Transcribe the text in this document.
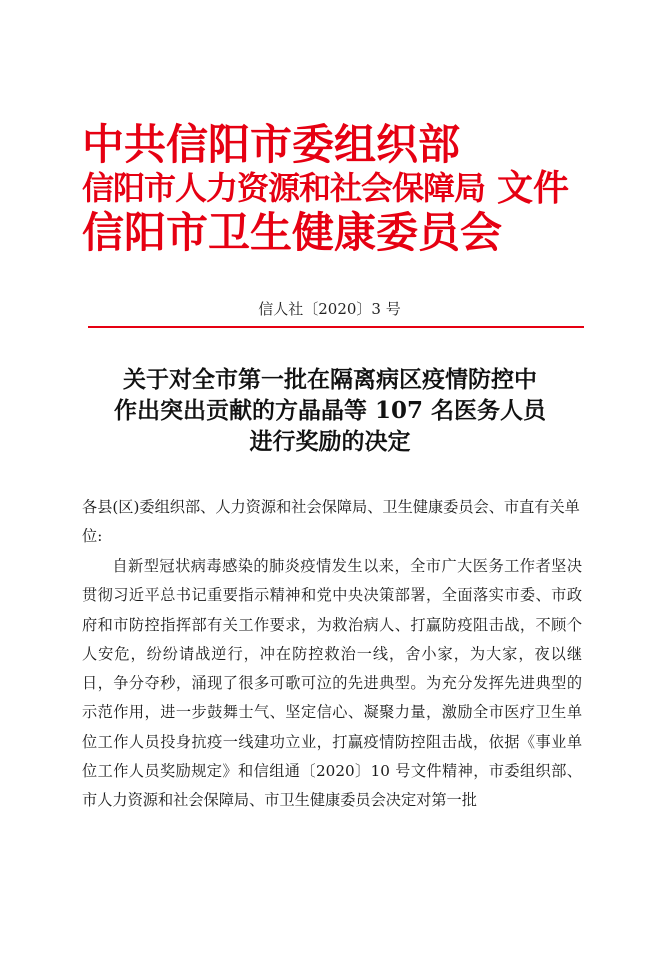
中共信阳市委组织部
信阳市人力资源和社会保障局
信阳市卫生健康委员会
文件
信人社〔2020〕3 号
关于对全市第一批在隔离病区疫情防控中
作出突出贡献的方晶晶等 107 名医务人员
进行奖励的决定
各县(区)委组织部、人力资源和社会保障局、卫生健康委员会、市直有关单位:
自新型冠状病毒感染的肺炎疫情发生以来，全市广大医务工作者坚决贯彻习近平总书记重要指示精神和党中央决策部署，全面落实市委、市政府和市防控指挥部有关工作要求，为救治病人、打赢防疫阻击战，不顾个人安危，纷纷请战逆行，冲在防控救治一线，舍小家，为大家，夜以继日，争分夺秒，涌现了很多可歌可泣的先进典型。为充分发挥先进典型的示范作用，进一步鼓舞士气、坚定信心、凝聚力量，激励全市医疗卫生单位工作人员投身抗疫一线建功立业，打赢疫情防控阻击战，依据《事业单位工作人员奖励规定》和信组通〔2020〕10 号文件精神，市委组织部、市人力资源和社会保障局、市卫生健康委员会决定对第一批
